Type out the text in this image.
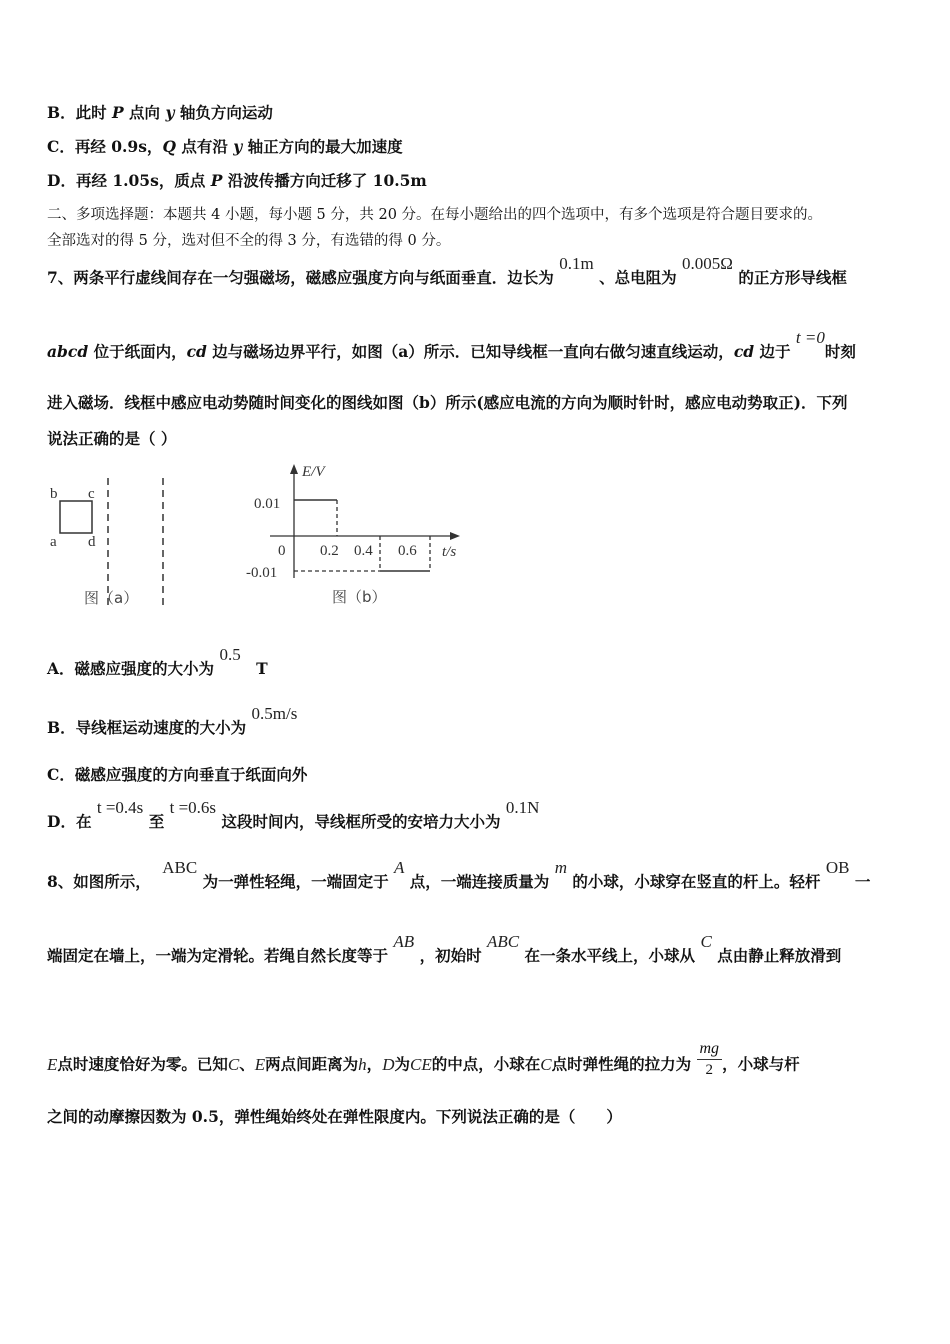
B．此时 P 点向 y 轴负方向运动
C．再经 0.9s，Q 点有沿 y 轴正方向的最大加速度
D．再经 1.05s，质点 P 沿波传播方向迁移了 10.5m
二、多项选择题：本题共 4 小题，每小题 5 分，共 20 分。在每小题给出的四个选项中，有多个选项是符合题目要求的。
全部选对的得 5 分，选对但不全的得 3 分，有选错的得 0 分。
7、两条平行虚线间存在一匀强磁场，磁感应强度方向与纸面垂直．边长为 0.1m 、总电阻为 0.005Ω 的正方形导线框
abcd 位于纸面内，cd 边与磁场边界平行，如图（a）所示．已知导线框一直向右做匀速直线运动，cd 边于 t =0时刻
进入磁场．线框中感应电动势随时间变化的图线如图（b）所示(感应电流的方向为顺时针时，感应电动势取正)．下列
说法正确的是（ ）
b c
a d
图（a）
E/V
t/s
0.01
-0.01
0 0.2 0.4 0.6
图（b）
A．磁感应强度的大小为 0.5 T
B．导线框运动速度的大小为 0.5m/s
C．磁感应强度的方向垂直于纸面向外
D．在 t =0.4s 至 t =0.6s 这段时间内，导线框所受的安培力大小为 0.1N
8、如图所示， ABC 为一弹性轻绳，一端固定于 A 点，一端连接质量为 m 的小球，小球穿在竖直的杆上。轻杆 OB 一
端固定在墙上，一端为定滑轮。若绳自然长度等于 AB ，初始时 ABC 在一条水平线上，小球从 C 点由静止释放滑到
E点时速度恰好为零。已知C、E两点间距离为h，D为CE的中点，小球在C点时弹性绳的拉力为 $\frac{mg}{2}$ ，小球与杆
之间的动摩擦因数为 0.5，弹性绳始终处在弹性限度内。下列说法正确的是（　　）
